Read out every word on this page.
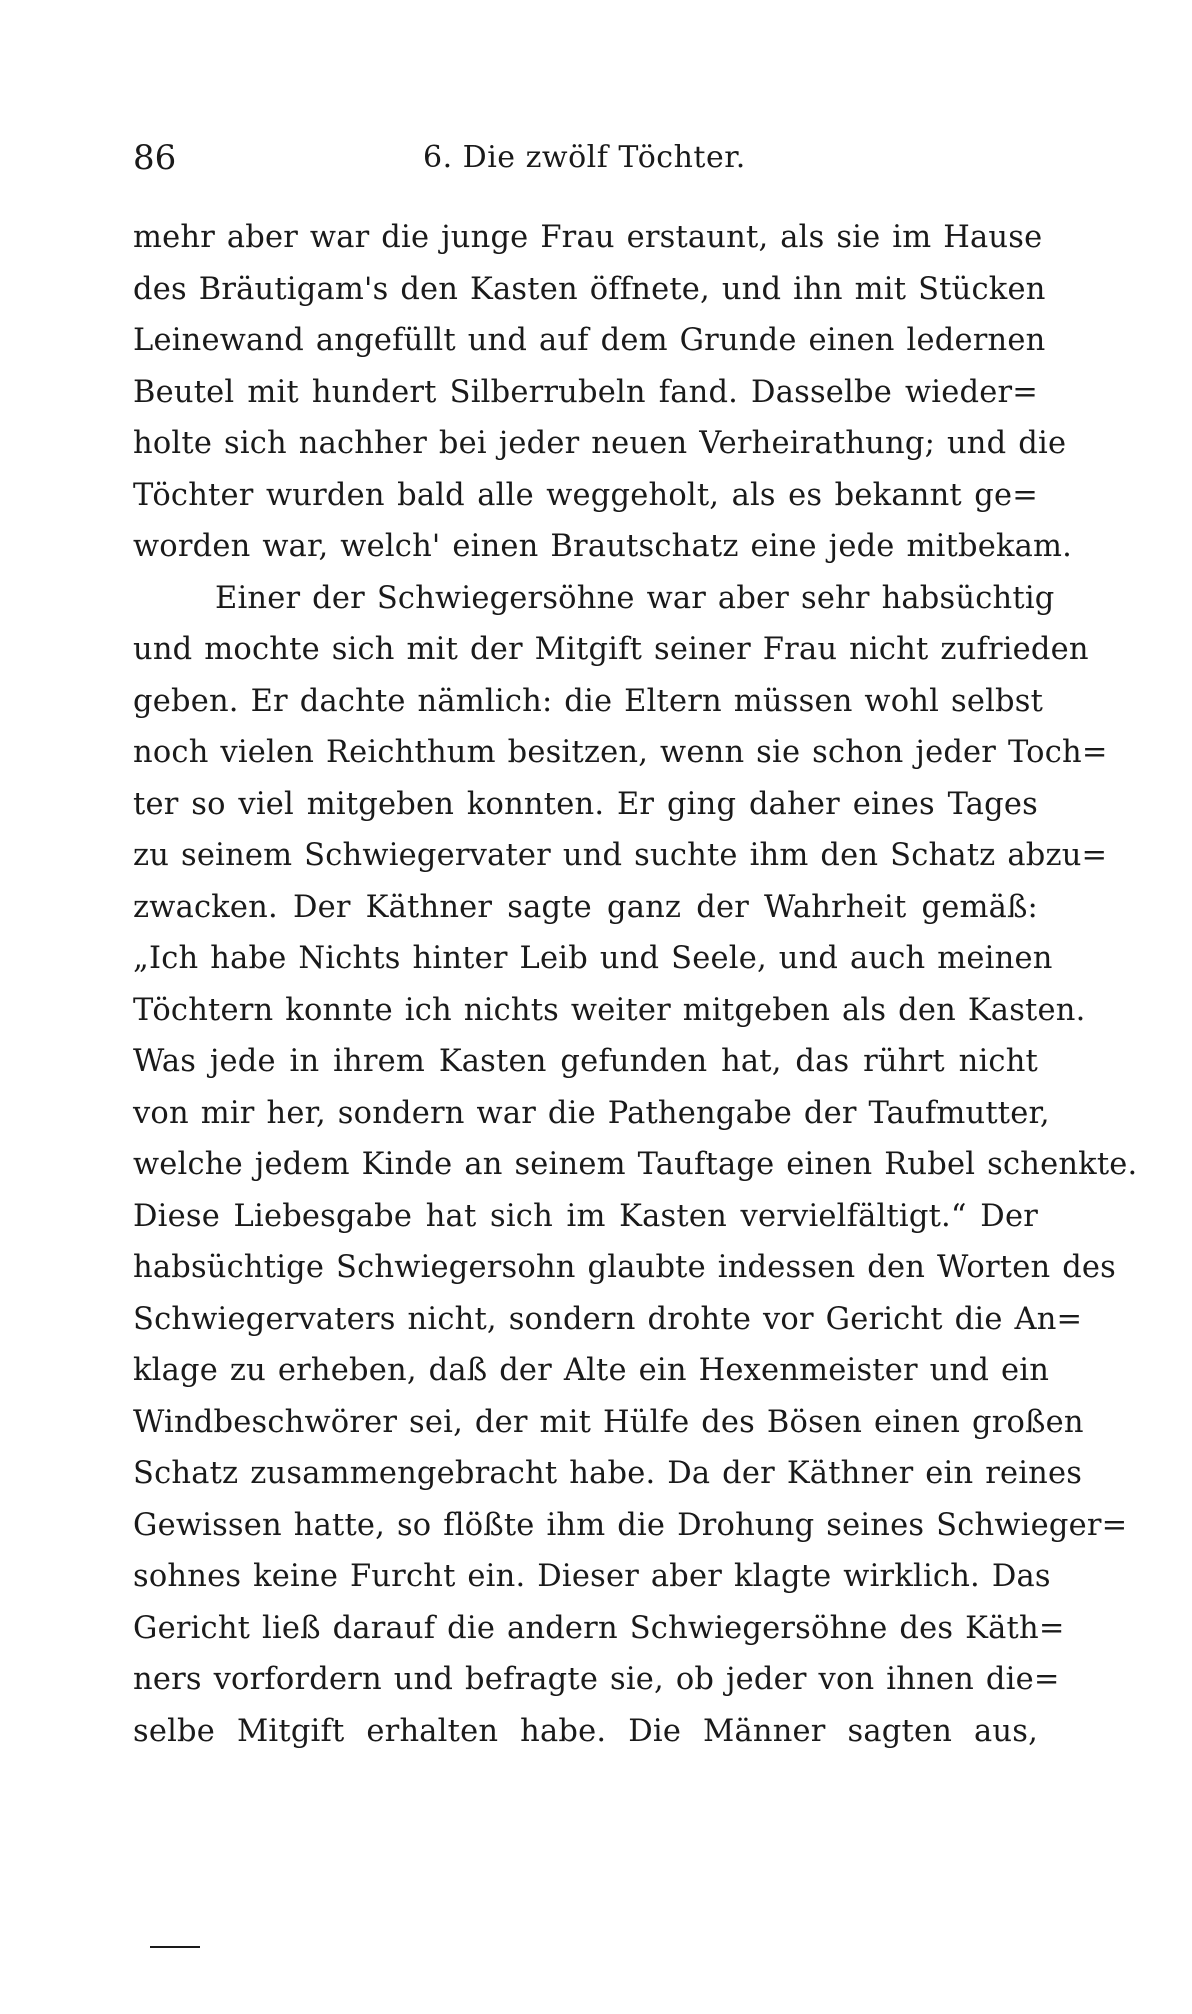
86	6. Die zwölf Töchter.
mehr aber war die junge Frau erstaunt, als sie im Hause
des Bräutigam's den Kasten öffnete, und ihn mit Stücken
Leinewand angefüllt und auf dem Grunde einen ledernen
Beutel mit hundert Silberrubeln fand. Dasselbe wieder=
holte sich nachher bei jeder neuen Verheirathung; und die
Töchter wurden bald alle weggeholt, als es bekannt ge=
worden war, welch' einen Brautschatz eine jede mitbekam.
Einer der Schwiegersöhne war aber sehr habsüchtig
und mochte sich mit der Mitgift seiner Frau nicht zufrieden
geben. Er dachte nämlich: die Eltern müssen wohl selbst
noch vielen Reichthum besitzen, wenn sie schon jeder Toch=
ter so viel mitgeben konnten. Er ging daher eines Tages
zu seinem Schwiegervater und suchte ihm den Schatz abzu=
zwacken. Der Käthner sagte ganz der Wahrheit gemäß:
„Ich habe Nichts hinter Leib und Seele, und auch meinen
Töchtern konnte ich nichts weiter mitgeben als den Kasten.
Was jede in ihrem Kasten gefunden hat, das rührt nicht
von mir her, sondern war die Pathengabe der Taufmutter,
welche jedem Kinde an seinem Tauftage einen Rubel schenkte.
Diese Liebesgabe hat sich im Kasten vervielfältigt.“ Der
habsüchtige Schwiegersohn glaubte indessen den Worten des
Schwiegervaters nicht, sondern drohte vor Gericht die An=
klage zu erheben, daß der Alte ein Hexenmeister und ein
Windbeschwörer sei, der mit Hülfe des Bösen einen großen
Schatz zusammengebracht habe. Da der Käthner ein reines
Gewissen hatte, so flößte ihm die Drohung seines Schwieger=
sohnes keine Furcht ein. Dieser aber klagte wirklich. Das
Gericht ließ darauf die andern Schwiegersöhne des Käth=
ners vorfordern und befragte sie, ob jeder von ihnen die=
selbe Mitgift erhalten habe. Die Männer sagten aus,
